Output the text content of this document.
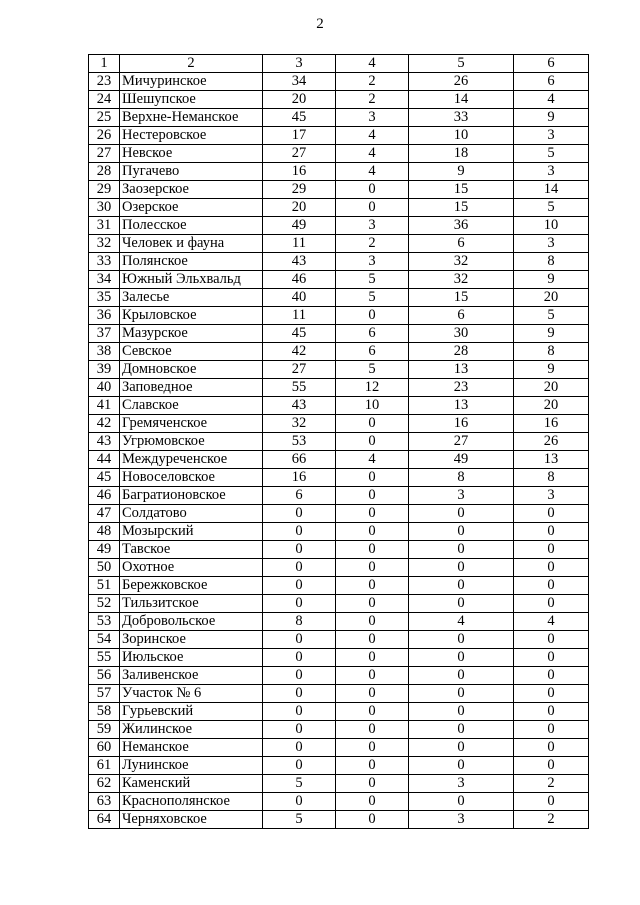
2
1	2	3	4	5	6
23	Мичуринское	34	2	26	6
24	Шешупское	20	2	14	4
25	Верхне-Неманское	45	3	33	9
26	Нестеровское	17	4	10	3
27	Невское	27	4	18	5
28	Пугачево	16	4	9	3
29	Заозерское	29	0	15	14
30	Озерское	20	0	15	5
31	Полесское	49	3	36	10
32	Человек и фауна	11	2	6	3
33	Полянское	43	3	32	8
34	Южный Эльхвальд	46	5	32	9
35	Залесье	40	5	15	20
36	Крыловское	11	0	6	5
37	Мазурское	45	6	30	9
38	Севское	42	6	28	8
39	Домновское	27	5	13	9
40	Заповедное	55	12	23	20
41	Славское	43	10	13	20
42	Гремяченское	32	0	16	16
43	Угрюмовское	53	0	27	26
44	Междуреченское	66	4	49	13
45	Новоселовское	16	0	8	8
46	Багратионовское	6	0	3	3
47	Солдатово	0	0	0	0
48	Мозырский	0	0	0	0
49	Тавское	0	0	0	0
50	Охотное	0	0	0	0
51	Бережковское	0	0	0	0
52	Тильзитское	0	0	0	0
53	Добровольское	8	0	4	4
54	Зоринское	0	0	0	0
55	Июльское	0	0	0	0
56	Заливенское	0	0	0	0
57	Участок № 6	0	0	0	0
58	Гурьевский	0	0	0	0
59	Жилинское	0	0	0	0
60	Неманское	0	0	0	0
61	Лунинское	0	0	0	0
62	Каменский	5	0	3	2
63	Краснополянское	0	0	0	0
64	Черняховское	5	0	3	2
